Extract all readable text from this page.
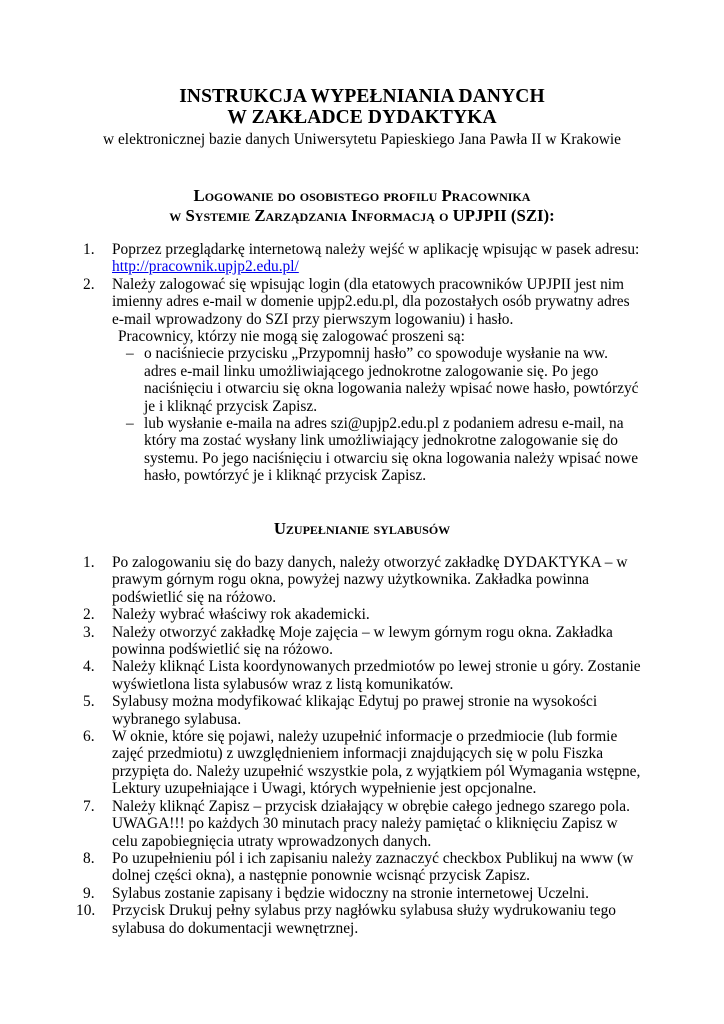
INSTRUKCJA WYPEŁNIANIA DANYCH
W ZAKŁADCE DYDAKTYKA
w elektronicznej bazie danych Uniwersytetu Papieskiego Jana Pawła II w Krakowie
Logowanie do osobistego profilu Pracownika
w Systemie Zarządzania Informacją o UPJPII (SZI):
1.	Poprzez przeglądarkę internetową należy wejść w aplikację wpisując w pasek adresu:
http://pracownik.upjp2.edu.pl/
2.	Należy zalogować się wpisując login (dla etatowych pracowników UPJPII jest nim imienny adres e-mail w domenie upjp2.edu.pl, dla pozostałych osób prywatny adres e-mail wprowadzony do SZI przy pierwszym logowaniu) i hasło.
Pracownicy, którzy nie mogą się zalogować proszeni są:
– o naciśniecie przycisku „Przypomnij hasło” co spowoduje wysłanie na ww. adres e-mail linku umożliwiającego jednokrotne zalogowanie się. Po jego naciśnięciu i otwarciu się okna logowania należy wpisać nowe hasło, powtórzyć je i kliknąć przycisk Zapisz.
– lub wysłanie e-maila na adres szi@upjp2.edu.pl z podaniem adresu e-mail, na który ma zostać wysłany link umożliwiający jednokrotne zalogowanie się do systemu. Po jego naciśnięciu i otwarciu się okna logowania należy wpisać nowe hasło, powtórzyć je i kliknąć przycisk Zapisz.
Uzupełnianie sylabusów
1.	Po zalogowaniu się do bazy danych, należy otworzyć zakładkę DYDAKTYKA – w prawym górnym rogu okna, powyżej nazwy użytkownika. Zakładka powinna podświetlić się na różowo.
2.	Należy wybrać właściwy rok akademicki.
3.	Należy otworzyć zakładkę Moje zajęcia – w lewym górnym rogu okna. Zakładka powinna podświetlić się na różowo.
4.	Należy kliknąć Lista koordynowanych przedmiotów po lewej stronie u góry. Zostanie wyświetlona lista sylabusów wraz z listą komunikatów.
5.	Sylabusy można modyfikować klikając Edytuj po prawej stronie na wysokości wybranego sylabusa.
6.	W oknie, które się pojawi, należy uzupełnić informacje o przedmiocie (lub formie zajęć przedmiotu) z uwzględnieniem informacji znajdujących się w polu Fiszka przypięta do. Należy uzupełnić wszystkie pola, z wyjątkiem pól Wymagania wstępne, Lektury uzupełniające i Uwagi, których wypełnienie jest opcjonalne.
7.	Należy kliknąć Zapisz – przycisk działający w obrębie całego jednego szarego pola. UWAGA!!! po każdych 30 minutach pracy należy pamiętać o kliknięciu Zapisz w celu zapobiegnięcia utraty wprowadzonych danych.
8.	Po uzupełnieniu pól i ich zapisaniu należy zaznaczyć checkbox Publikuj na www (w dolnej części okna), a następnie ponownie wcisnąć przycisk Zapisz.
9.	Sylabus zostanie zapisany i będzie widoczny na stronie internetowej Uczelni.
10.	Przycisk Drukuj pełny sylabus przy nagłówku sylabusa służy wydrukowaniu tego sylabusa do dokumentacji wewnętrznej.
